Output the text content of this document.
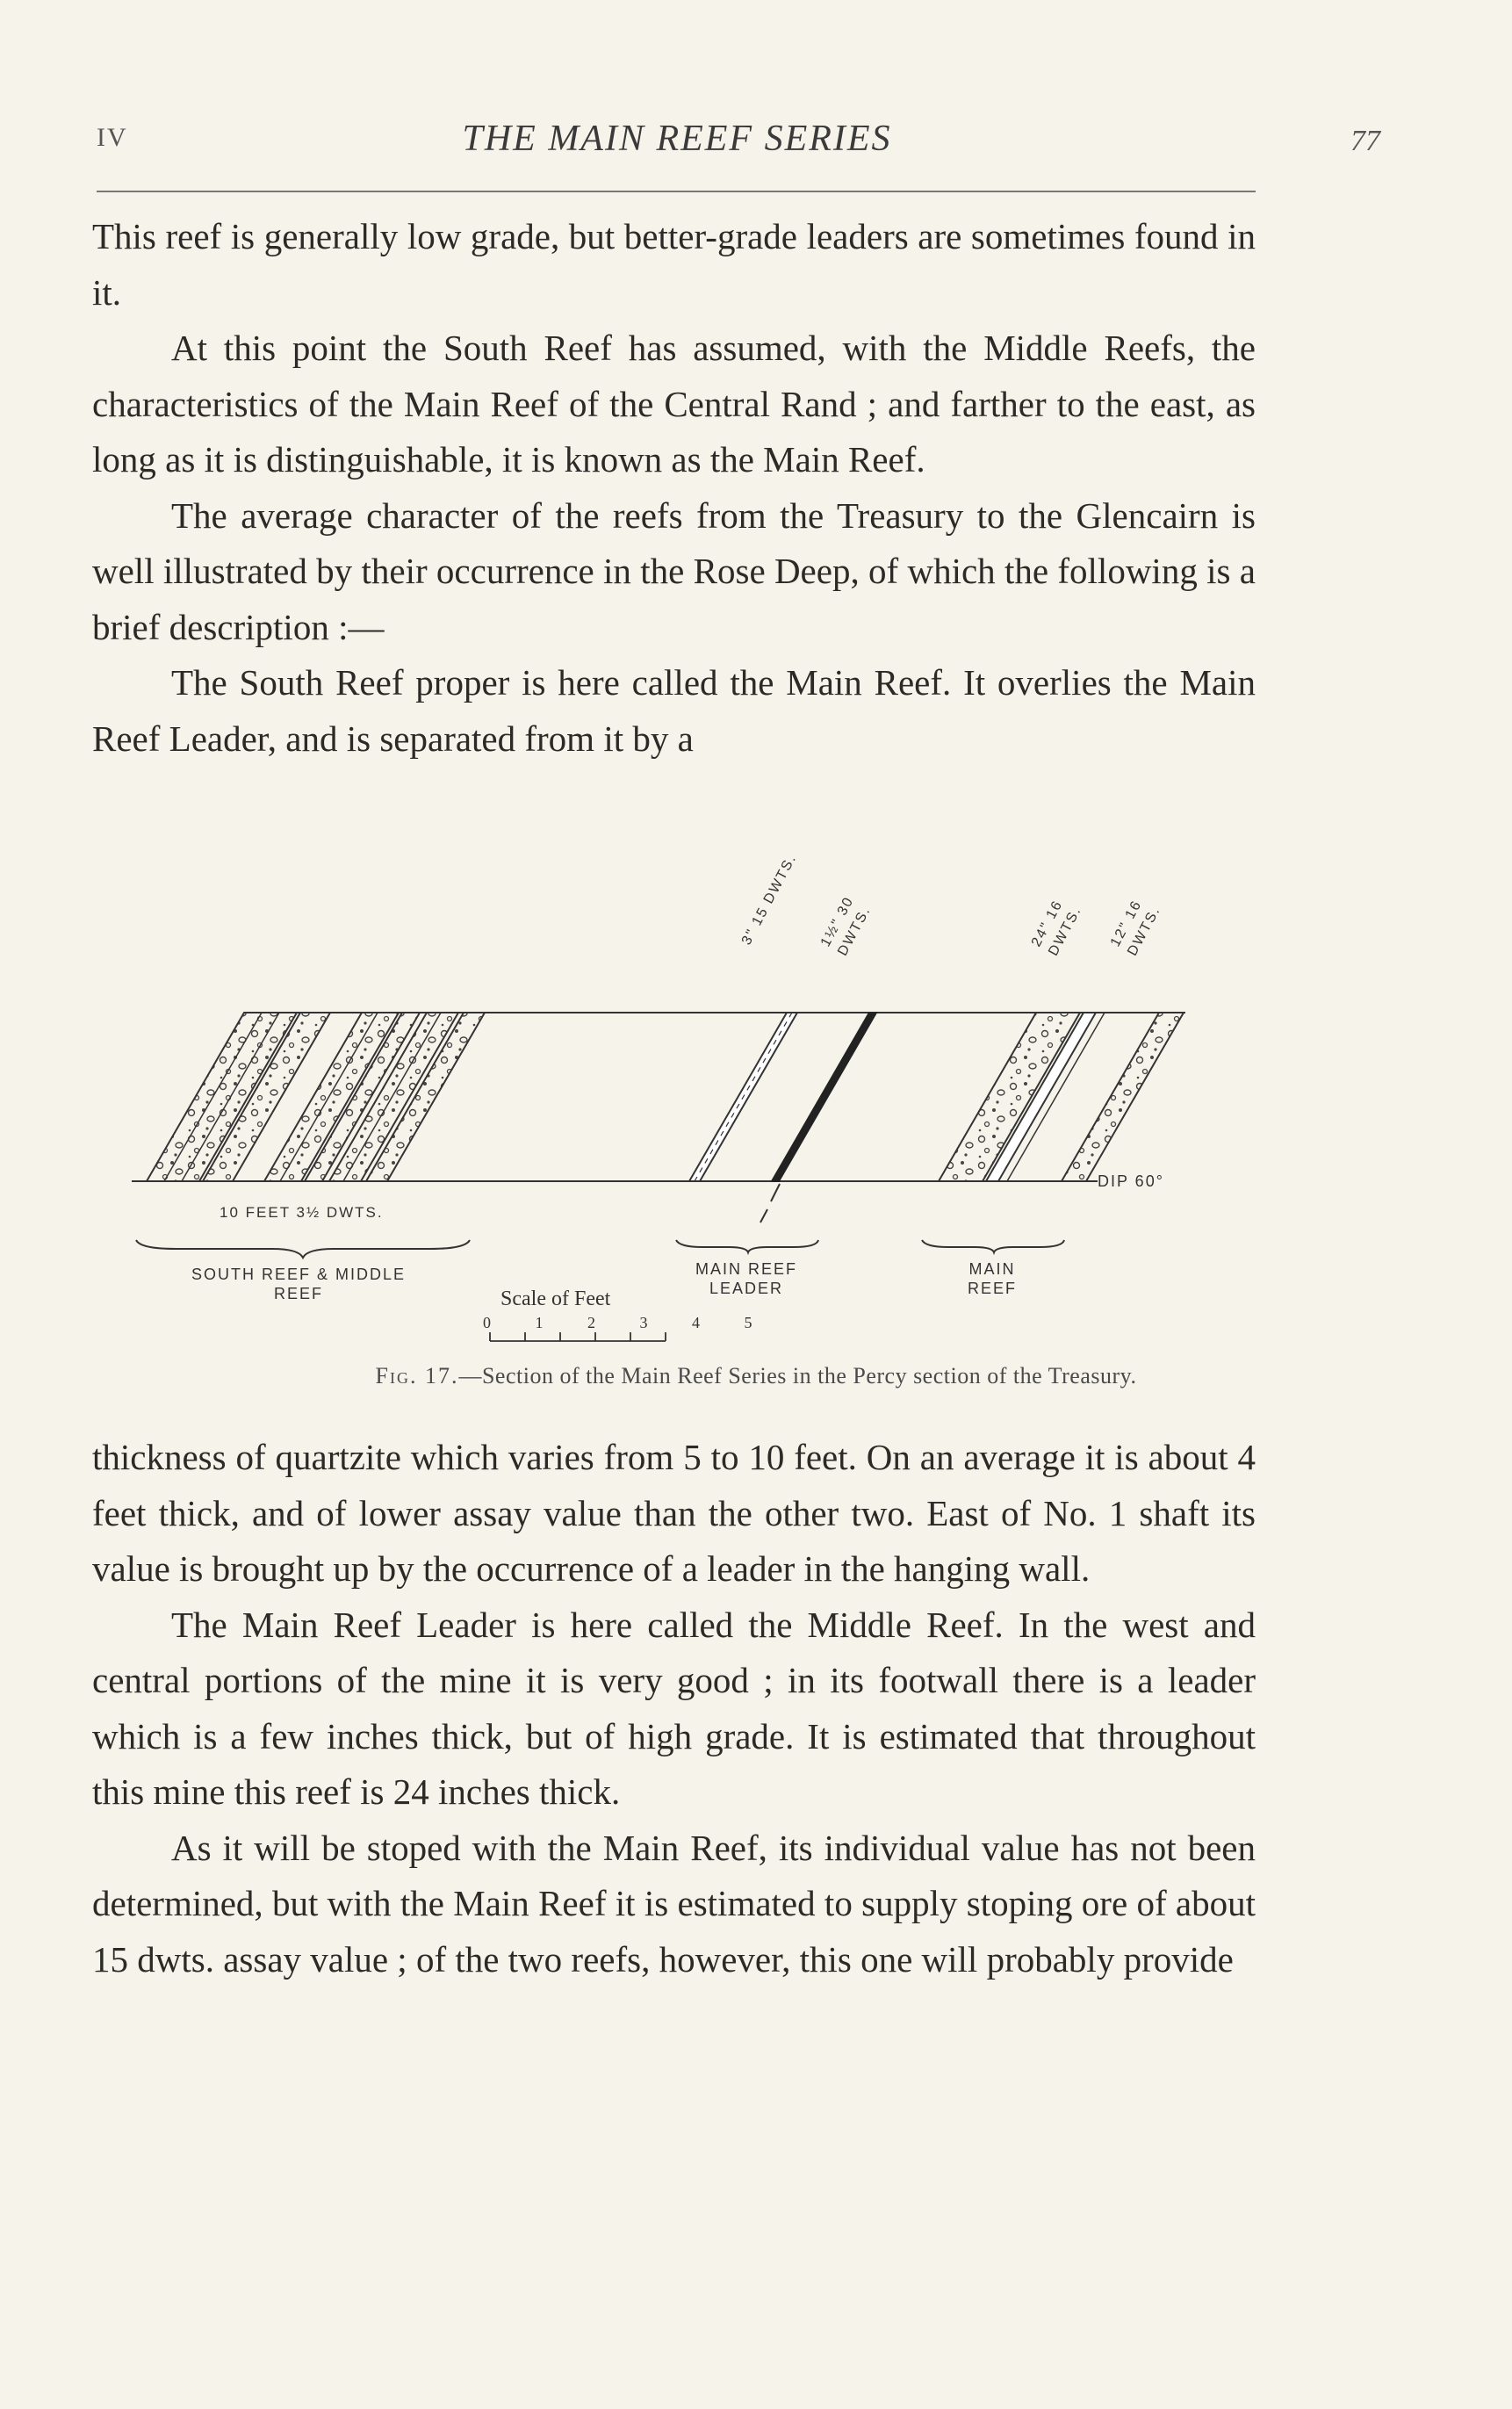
IV	THE MAIN REEF SERIES	77

This reef is generally low grade, but better-grade leaders are sometimes found in it.

At this point the South Reef has assumed, with the Middle Reefs, the characteristics of the Main Reef of the Central Rand ; and farther to the east, as long as it is distinguishable, it is known as the Main Reef.

The average character of the reefs from the Treasury to the Glencairn is well illustrated by their occurrence in the Rose Deep, of which the following is a brief description :—

The South Reef proper is here called the Main Reef. It overlies the Main Reef Leader, and is separated from it by a

3" 15 DWTS.	1½" 30 DWTS.	24" 16 DWTS.	12" 16 DWTS.
10 FEET 3½ DWTS.
DIP 60°
SOUTH REEF & MIDDLE REEF
MAIN REEF LEADER
MAIN REEF
Scale of Feet
0 1 2 3 4 5
Fig. 17.—Section of the Main Reef Series in the Percy section of the Treasury.

thickness of quartzite which varies from 5 to 10 feet. On an average it is about 4 feet thick, and of lower assay value than the other two. East of No. 1 shaft its value is brought up by the occurrence of a leader in the hanging wall.

The Main Reef Leader is here called the Middle Reef. In the west and central portions of the mine it is very good ; in its footwall there is a leader which is a few inches thick, but of high grade. It is estimated that throughout this mine this reef is 24 inches thick.

As it will be stoped with the Main Reef, its individual value has not been determined, but with the Main Reef it is estimated to supply stoping ore of about 15 dwts. assay value ; of the two reefs, however, this one will probably provide
